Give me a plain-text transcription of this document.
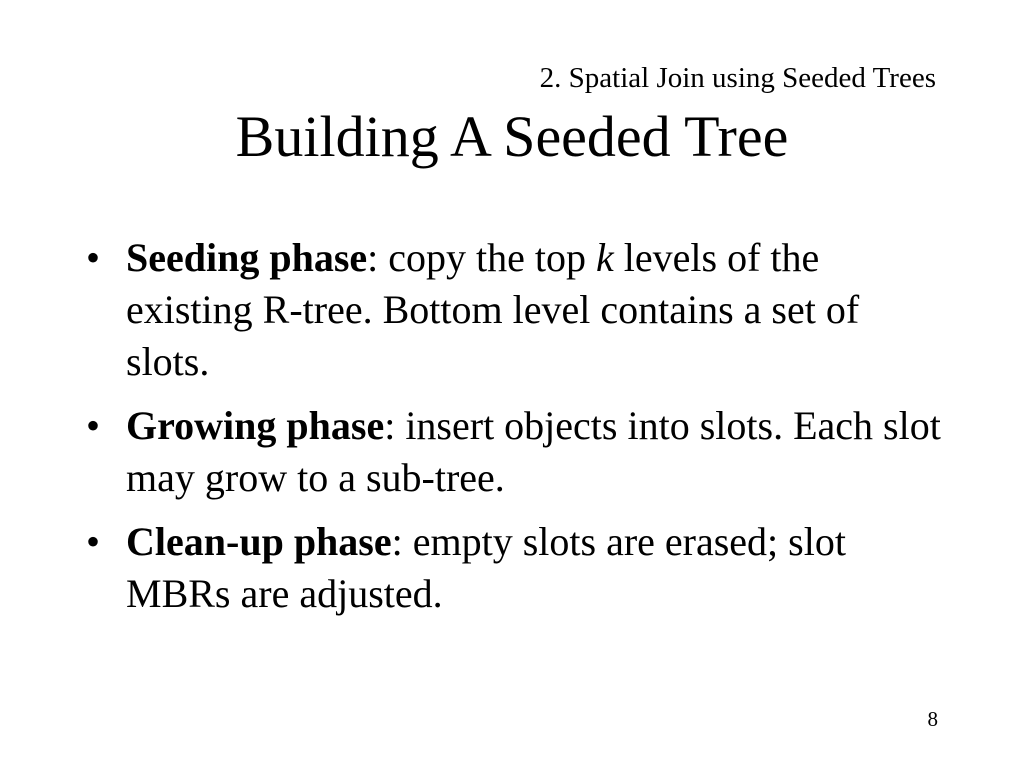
2. Spatial Join using Seeded Trees
Building A Seeded Tree
• Seeding phase: copy the top k levels of the existing R-tree. Bottom level contains a set of slots.
• Growing phase: insert objects into slots. Each slot may grow to a sub-tree.
• Clean-up phase: empty slots are erased; slot MBRs are adjusted.
8
